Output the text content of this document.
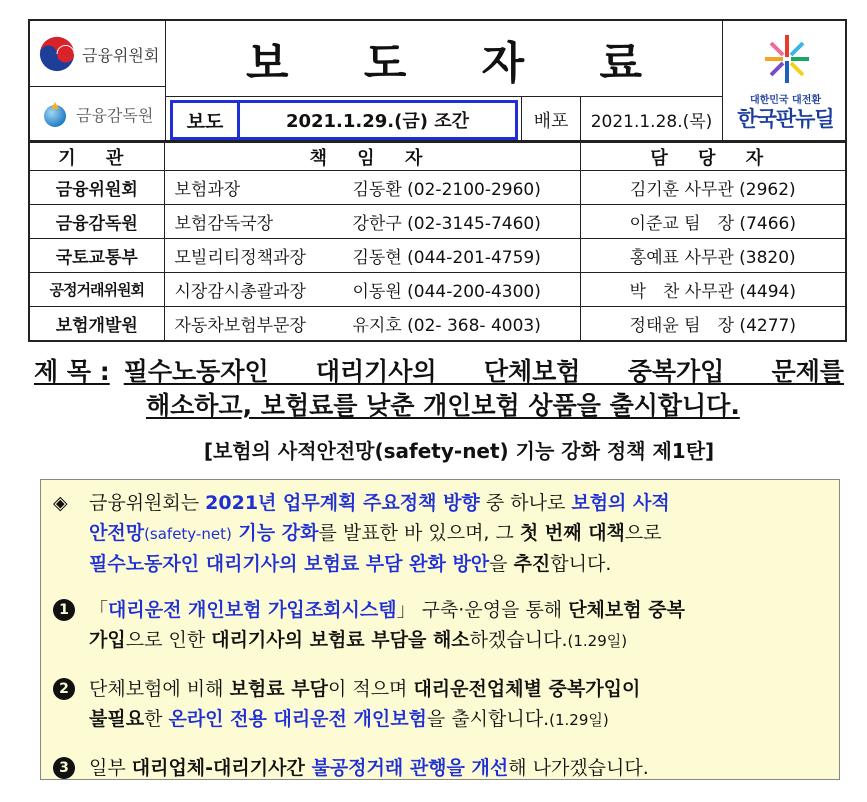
금융위원회
금융감독원
보 도 자 료
보도	2021.1.29.(금) 조간	배포	2021.1.28.(목)
대한민국 대전환
한국판뉴딜
기 관	책 임 자	담 당 자
금융위원회	보험과장 김동환 (02-2100-2960)	김기훈 사무관 (2962)
금융감독원	보험감독국장 강한구 (02-3145-7460)	이준교 팀　장 (7466)
국토교통부	모빌리티정책과장 김동현 (044-201-4759)	홍예표 사무관 (3820)
공정거래위원회	시장감시총괄과장 이동원 (044-200-4300)	박　찬 사무관 (4494)
보험개발원	자동차보험부문장 유지호 (02- 368- 4003)	정태윤 팀　장 (4277)
제 목 : 필수노동자인 대리기사의 단체보험 중복가입 문제를
해소하고, 보험료를 낮춘 개인보험 상품을 출시합니다.
[보험의 사적안전망(safety-net) 기능 강화 정책 제1탄]

◈ 금융위원회는 2021년 업무계획 주요정책 방향 중 하나로 보험의 사적
안전망(safety-net) 기능 강화를 발표한 바 있으며, 그 첫 번째 대책으로
필수노동자인 대리기사의 보험료 부담 완화 방안을 추진합니다.

1	「대리운전 개인보험 가입조회시스템」 구축·운영을 통해 단체보험 중복
가입으로 인한 대리기사의 보험료 부담을 해소하겠습니다.(1.29일)

2	단체보험에 비해 보험료 부담이 적으며 대리운전업체별 중복가입이
불필요한 온라인 전용 대리운전 개인보험을 출시합니다.(1.29일)

3	일부 대리업체-대리기사간 불공정거래 관행을 개선해 나가겠습니다.
